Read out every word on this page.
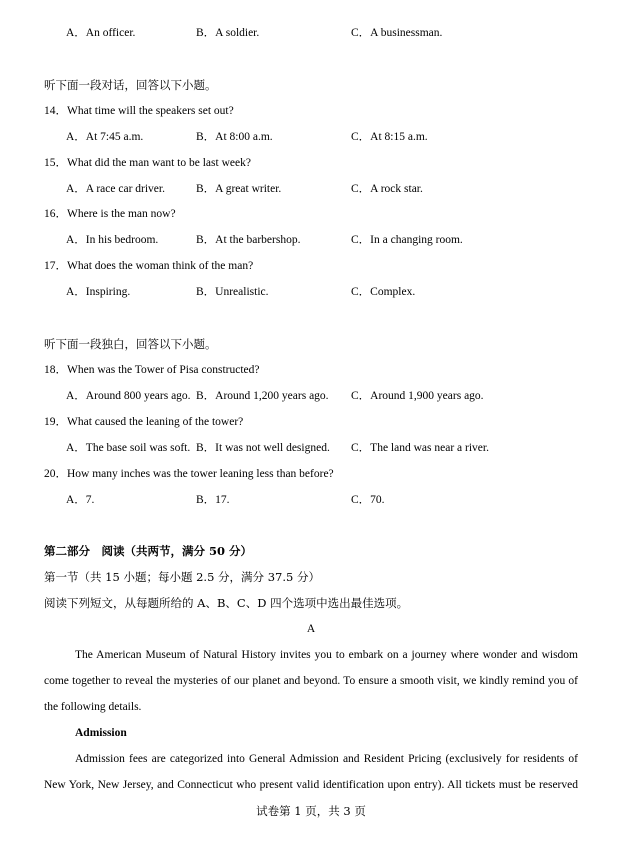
A．An officer.	B．A soldier.	C．A businessman.
听下面一段对话，回答以下小题。
14．What time will the speakers set out?
A．At 7:45 a.m.	B．At 8:00 a.m.	C．At 8:15 a.m.
15．What did the man want to be last week?
A．A race car driver.	B．A great writer.	C．A rock star.
16．Where is the man now?
A．In his bedroom.	B．At the barbershop.	C．In a changing room.
17．What does the woman think of the man?
A．Inspiring.	B．Unrealistic.	C．Complex.
听下面一段独白，回答以下小题。
18．When was the Tower of Pisa constructed?
A．Around 800 years ago. B．Around 1,200 years ago. C．Around 1,900 years ago.
19．What caused the leaning of the tower?
A．The base soil was soft. B．It was not well designed. C．The land was near a river.
20．How many inches was the tower leaning less than before?
A．7.	B．17.	C．70.
第二部分　阅读（共两节，满分 50 分）
第一节（共 15 小题；每小题 2.5 分，满分 37.5 分）
阅读下列短文，从每题所给的 A、B、C、D 四个选项中选出最佳选项。
A
The American Museum of Natural History invites you to embark on a journey where wonder and wisdom
come together to reveal the mysteries of our planet and beyond. To ensure a smooth visit, we kindly remind you of
the following details.
Admission
Admission fees are categorized into General Admission and Resident Pricing (exclusively for residents of
New York, New Jersey, and Connecticut who present valid identification upon entry). All tickets must be reserved
试卷第 1 页，共 3 页
